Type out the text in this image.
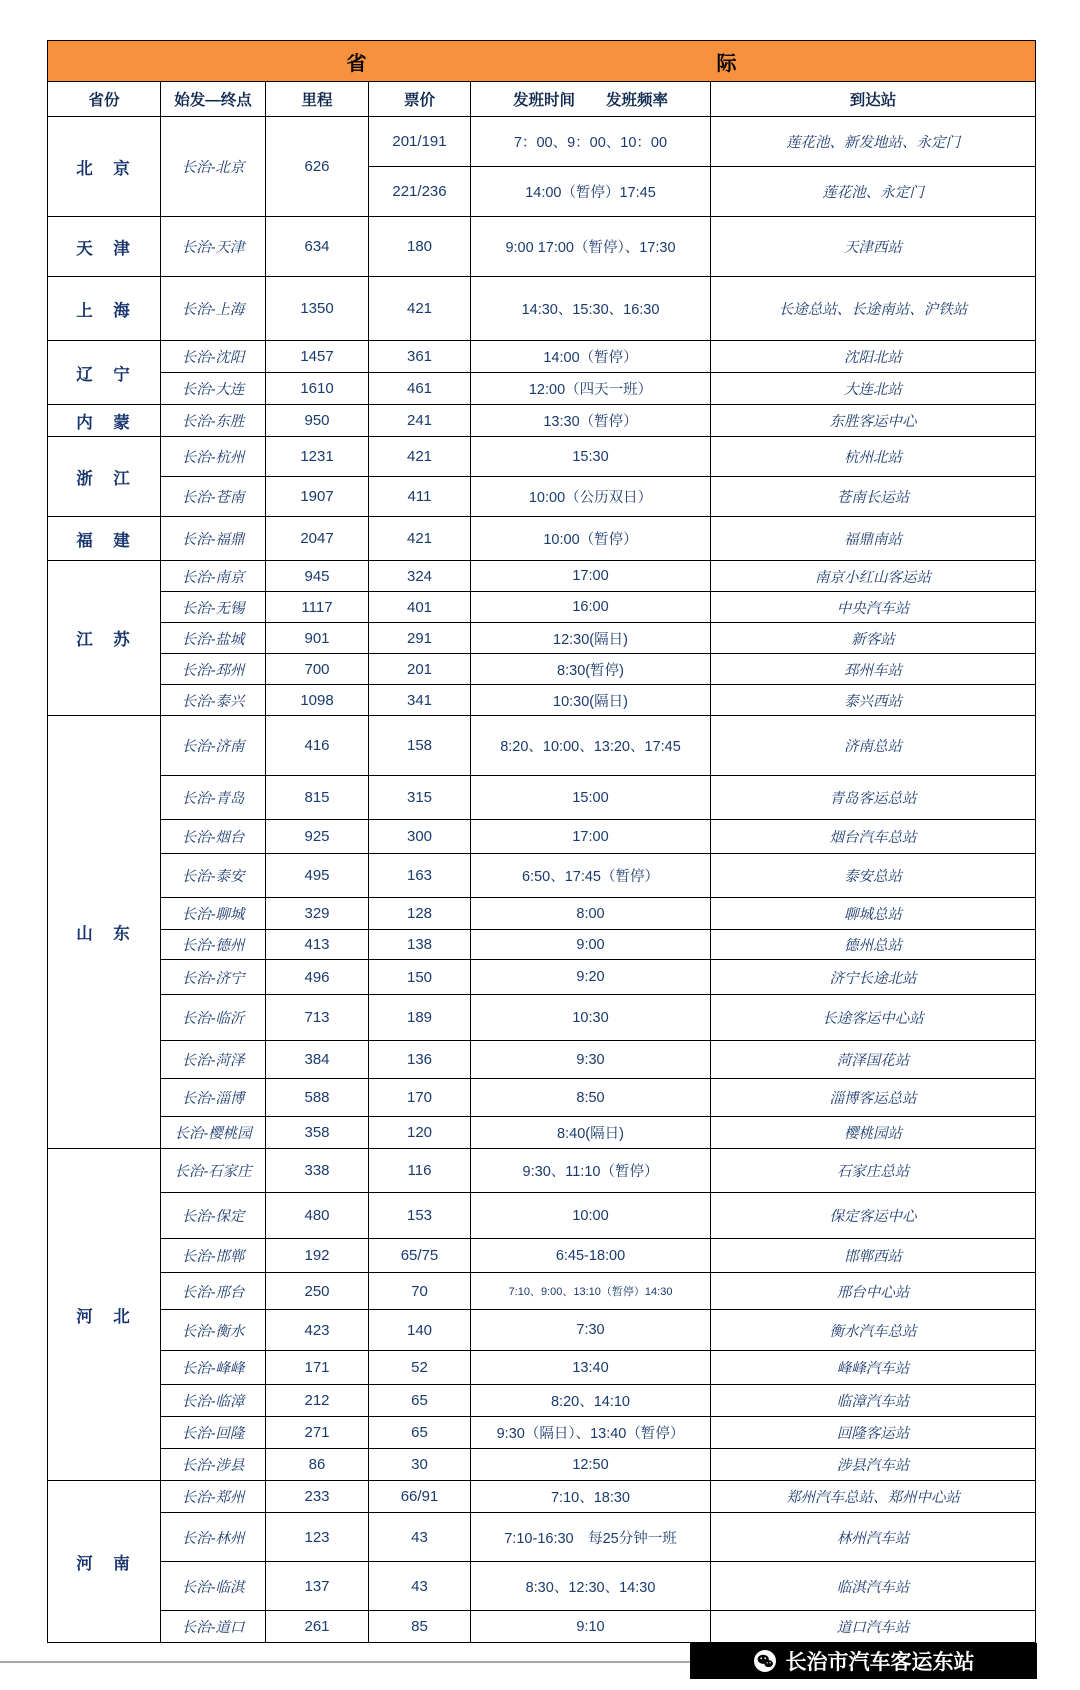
省 际					

省份	始发—终点	里程	票价	发班时间　　发班频率	到达站
北　京	长治-北京	626	201/191	7：00、9：00、10：00	莲花池、新发地站、永定门
			221/236	14:00（暂停）17:45	莲花池、永定门
天　津	长治-天津	634	180	9:00 17:00（暂停）、17:30	天津西站
上　海	长治-上海	1350	421	14:30、15:30、16:30	长途总站、长途南站、沪铁站
辽　宁	长治-沈阳	1457	361	14:00（暂停）	沈阳北站
	长治-大连	1610	461	12:00（四天一班）	大连北站
内　蒙	长治-东胜	950	241	13:30（暂停）	东胜客运中心
浙　江	长治-杭州	1231	421	15:30	杭州北站
	长治-苍南	1907	411	10:00（公历双日）	苍南长运站
福　建	长治-福鼎	2047	421	10:00（暂停）	福鼎南站
江　苏	长治-南京	945	324	17:00	南京小红山客运站
	长治-无锡	1117	401	16:00	中央汽车站
	长治-盐城	901	291	12:30(隔日)	新客站
	长治-邳州	700	201	8:30(暂停)	邳州车站
	长治-泰兴	1098	341	10:30(隔日)	泰兴西站
山　东	长治-济南	416	158	8:20、10:00、13:20、17:45	济南总站
	长治-青岛	815	315	15:00	青岛客运总站
	长治-烟台	925	300	17:00	烟台汽车总站
	长治-泰安	495	163	6:50、17:45（暂停）	泰安总站
	长治-聊城	329	128	8:00	聊城总站
	长治-德州	413	138	9:00	德州总站
	长治-济宁	496	150	9:20	济宁长途北站
	长治-临沂	713	189	10:30	长途客运中心站
	长治-菏泽	384	136	9:30	菏泽国花站
	长治-淄博	588	170	8:50	淄博客运总站
	长治-樱桃园	358	120	8:40(隔日)	樱桃园站
河　北	长治-石家庄	338	116	9:30、11:10（暂停）	石家庄总站
	长治-保定	480	153	10:00	保定客运中心
	长治-邯郸	192	65/75	6:45-18:00	邯郸西站
	长治-邢台	250	70	7:10、9:00、13:10（暂停）14:30	邢台中心站
	长治-衡水	423	140	7:30	衡水汽车总站
	长治-峰峰	171	52	13:40	峰峰汽车站
	长治-临漳	212	65	8:20、14:10	临漳汽车站
	长治-回隆	271	65	9:30（隔日）、13:40（暂停）	回隆客运站
	长治-涉县	86	30	12:50	涉县汽车站
河　南	长治-郑州	233	66/91	7:10、18:30	郑州汽车总站、郑州中心站
	长治-林州	123	43	7:10-16:30　每25分钟一班	林州汽车站
	长治-临淇	137	43	8:30、12:30、14:30	临淇汽车站
	长治-道口	261	85	9:10	道口汽车站
长治市汽车客运东站
